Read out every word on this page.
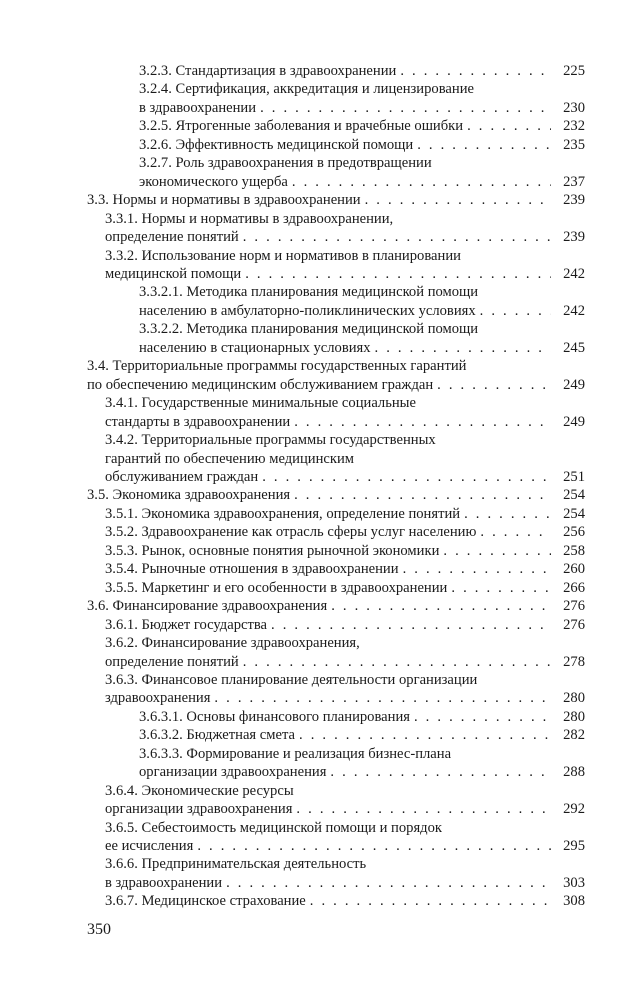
3.2.3. Стандартизация в здравоохранении . . .	225
3.2.4. Сертификация, аккредитация и лицензирование
в здравоохранении . . .	230
3.2.5. Ятрогенные заболевания и врачебные ошибки . . .	232
3.2.6. Эффективность медицинской помощи . . .	235
3.2.7. Роль здравоохранения в предотвращении
экономического ущерба . . .	237
3.3. Нормы и нормативы в здравоохранении . . .	239
3.3.1. Нормы и нормативы в здравоохранении,
определение понятий . . .	239
3.3.2. Использование норм и нормативов в планировании
медицинской помощи . . .	242
3.3.2.1. Методика планирования медицинской помощи
населению в амбулаторно-поликлинических условиях . . .	242
3.3.2.2. Методика планирования медицинской помощи
населению в стационарных условиях . . .	245
3.4. Территориальные программы государственных гарантий
по обеспечению медицинским обслуживанием граждан . . .	249
3.4.1. Государственные минимальные социальные
стандарты в здравоохранении . . .	249
3.4.2. Территориальные программы государственных
гарантий по обеспечению медицинским
обслуживанием граждан . . .	251
3.5. Экономика здравоохранения . . .	254
3.5.1. Экономика здравоохранения, определение понятий . . .	254
3.5.2. Здравоохранение как отрасль сферы услуг населению . . .	256
3.5.3. Рынок, основные понятия рыночной экономики . . .	258
3.5.4. Рыночные отношения в здравоохранении . . .	260
3.5.5. Маркетинг и его особенности в здравоохранении . . .	266
3.6. Финансирование здравоохранения . . .	276
3.6.1. Бюджет государства . . .	276
3.6.2. Финансирование здравоохранения,
определение понятий . . .	278
3.6.3. Финансовое планирование деятельности организации
здравоохранения . . .	280
3.6.3.1. Основы финансового планирования . . .	280
3.6.3.2. Бюджетная смета . . .	282
3.6.3.3. Формирование и реализация бизнес-плана
организации здравоохранения . . .	288
3.6.4. Экономические ресурсы
организации здравоохранения . . .	292
3.6.5. Себестоимость медицинской помощи и порядок
ее исчисления . . .	295
3.6.6. Предпринимательская деятельность
в здравоохранении . . .	303
3.6.7. Медицинское страхование . . .	308
350
